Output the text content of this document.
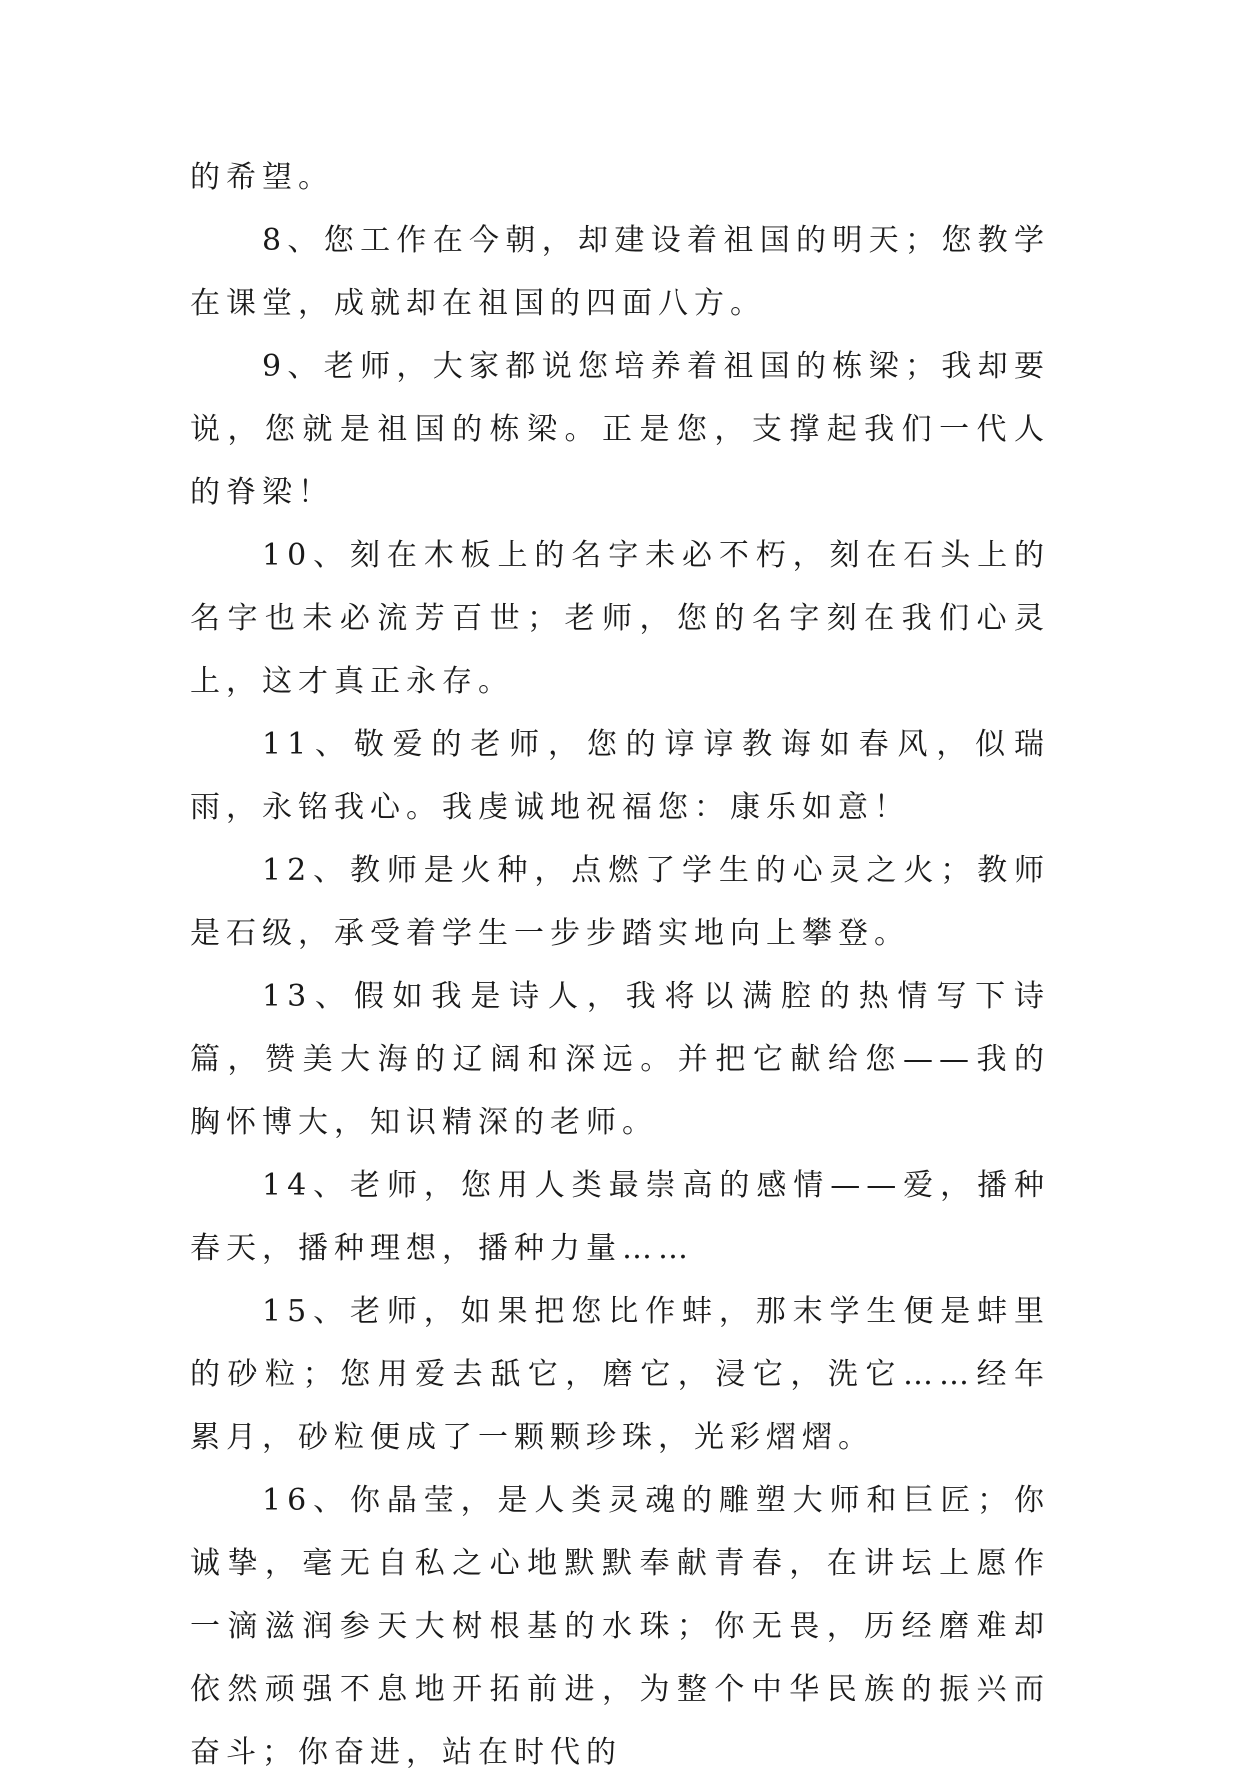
的希望。

8、您工作在今朝，却建设着祖国的明天；您教学在课堂，成就却在祖国的四面八方。

9、老师，大家都说您培养着祖国的栋梁；我却要说，您就是祖国的栋梁。正是您，支撑起我们一代人的脊梁！

10、刻在木板上的名字未必不朽，刻在石头上的名字也未必流芳百世；老师，您的名字刻在我们心灵上，这才真正永存。

11、敬爱的老师，您的谆谆教诲如春风，似瑞雨，永铭我心。我虔诚地祝福您：康乐如意！

12、教师是火种，点燃了学生的心灵之火；教师是石级，承受着学生一步步踏实地向上攀登。

13、假如我是诗人，我将以满腔的热情写下诗篇，赞美大海的辽阔和深远。并把它献给您——我的胸怀博大，知识精深的老师。

14、老师，您用人类最崇高的感情——爱，播种春天，播种理想，播种力量……

15、老师，如果把您比作蚌，那末学生便是蚌里的砂粒；您用爱去舐它，磨它，浸它，洗它……经年累月，砂粒便成了一颗颗珍珠，光彩熠熠。

16、你晶莹，是人类灵魂的雕塑大师和巨匠；你诚挚，毫无自私之心地默默奉献青春，在讲坛上愿作一滴滋润参天大树根基的水珠；你无畏，历经磨难却依然顽强不息地开拓前进，为整个中华民族的振兴而奋斗；你奋进，站在时代的
